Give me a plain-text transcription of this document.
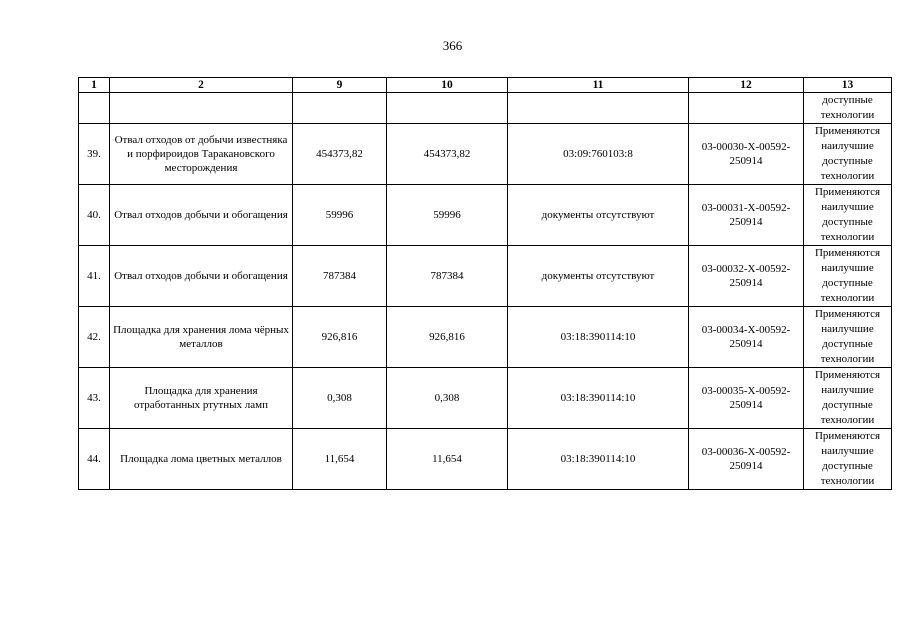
366
1	2	9	10	11	12	13
						доступные технологии
39.	Отвал отходов от добычи известняка и порфироидов Таракановского месторождения	454373,82	454373,82	03:09:760103:8	03-00030-Х-00592-250914	Применяются наилучшие доступные технологии
40.	Отвал отходов добычи и обогащения	59996	59996	документы отсутствуют	03-00031-Х-00592-250914	Применяются наилучшие доступные технологии
41.	Отвал отходов добычи и обогащения	787384	787384	документы отсутствуют	03-00032-Х-00592-250914	Применяются наилучшие доступные технологии
42.	Площадка для хранения лома чёрных металлов	926,816	926,816	03:18:390114:10	03-00034-Х-00592-250914	Применяются наилучшие доступные технологии
43.	Площадка для хранения отработанных ртутных ламп	0,308	0,308	03:18:390114:10	03-00035-Х-00592-250914	Применяются наилучшие доступные технологии
44.	Площадка лома цветных металлов	11,654	11,654	03:18:390114:10	03-00036-Х-00592-250914	Применяются наилучшие доступные технологии
